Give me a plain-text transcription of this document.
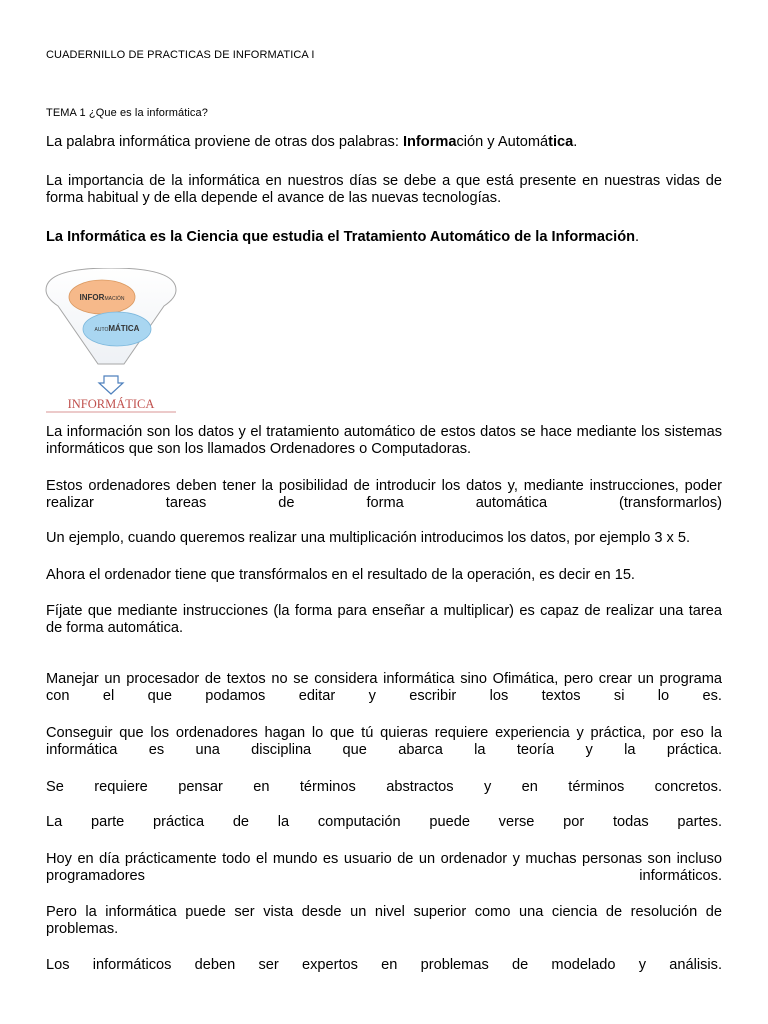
CUADERNILLO DE PRACTICAS DE INFORMATICA I
TEMA 1 ¿Que es la informática?
La palabra informática proviene de otras dos palabras: Información y Automática.
La importancia de la informática en nuestros días se debe a que está presente en nuestras vidas de forma habitual y de ella depende el avance de las nuevas tecnologías.
La Informática es la Ciencia que estudia el Tratamiento Automático de la Información.
INFORMACIÓN
AUTOMÁTICA
INFORMÁTICA
La información son los datos y el tratamiento automático de estos datos se hace mediante los sistemas informáticos que son los llamados Ordenadores o Computadoras.
Estos ordenadores deben tener la posibilidad de introducir los datos y, mediante instrucciones, poder realizar tareas de forma automática (transformarlos)
Un ejemplo, cuando queremos realizar una multiplicación introducimos los datos, por ejemplo 3 x 5.
Ahora el ordenador tiene que transfórmalos en el resultado de la operación, es decir en 15.
Fíjate que mediante instrucciones (la forma para enseñar a multiplicar) es capaz de realizar una tarea de forma automática.
Manejar un procesador de textos no se considera informática sino Ofimática, pero crear un programa con el que podamos editar y escribir los textos si lo es.
Conseguir que los ordenadores hagan lo que tú quieras requiere experiencia y práctica, por eso la informática es una disciplina que abarca la teoría y la práctica.
Se requiere pensar en términos abstractos y en términos concretos.
La parte práctica de la computación puede verse por todas partes.
Hoy en día prácticamente todo el mundo es usuario de un ordenador y muchas personas son incluso programadores informáticos.
Pero la informática puede ser vista desde un nivel superior como una ciencia de resolución de problemas.
Los informáticos deben ser expertos en problemas de modelado y análisis.
